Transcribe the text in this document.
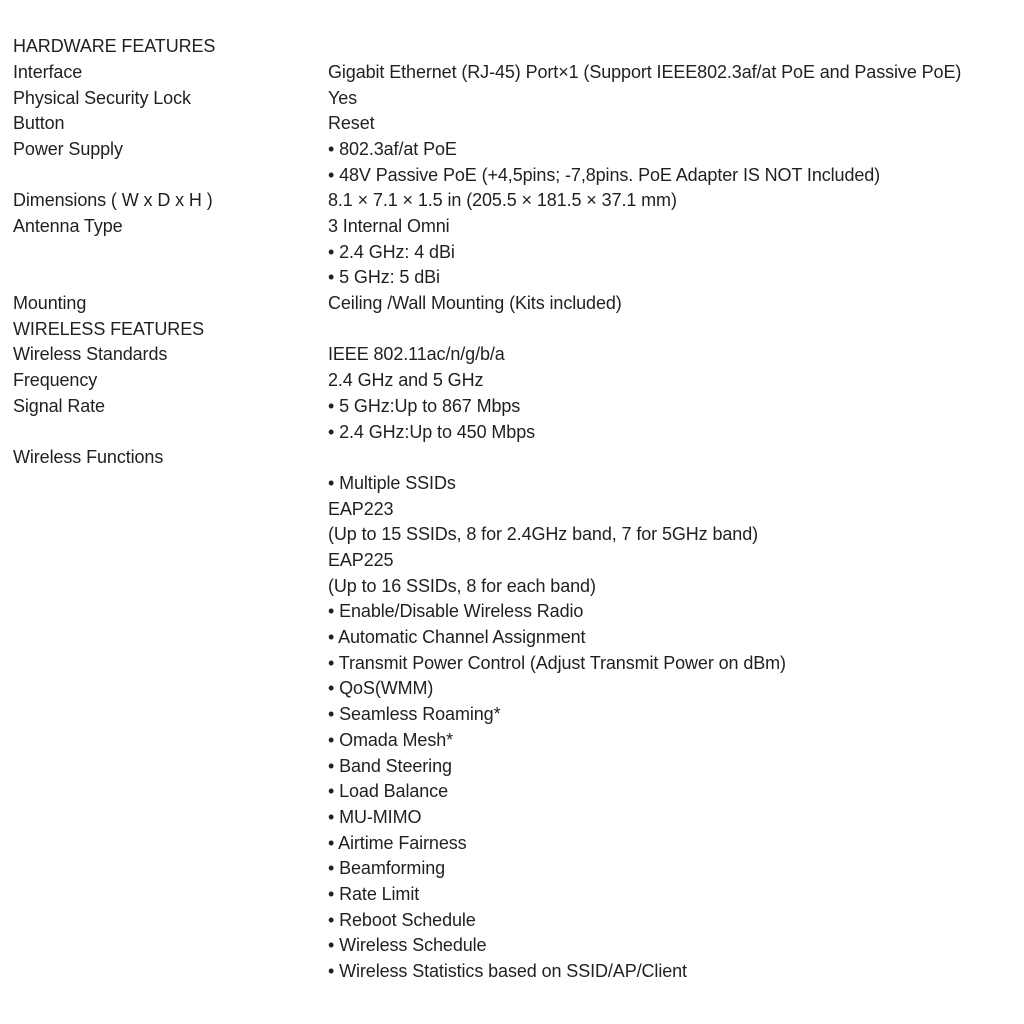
HARDWARE FEATURES
Interface	Gigabit Ethernet (RJ-45) Port×1 (Support IEEE802.3af/at PoE and Passive PoE)
Physical Security Lock	Yes
Button	Reset
Power Supply	• 802.3af/at PoE
• 48V Passive PoE (+4,5pins; -7,8pins. PoE Adapter IS NOT Included)
Dimensions ( W x D x H )	8.1 × 7.1 × 1.5 in (205.5 × 181.5 × 37.1 mm)
Antenna Type	3 Internal Omni
• 2.4 GHz: 4 dBi
• 5 GHz: 5 dBi
Mounting	Ceiling /Wall Mounting (Kits included)
WIRELESS FEATURES
Wireless Standards	IEEE 802.11ac/n/g/b/a
Frequency	2.4 GHz and 5 GHz
Signal Rate	• 5 GHz:Up to 867 Mbps
• 2.4 GHz:Up to 450 Mbps
Wireless Functions
• Multiple SSIDs
EAP223
(Up to 15 SSIDs, 8 for 2.4GHz band, 7 for 5GHz band)
EAP225
(Up to 16 SSIDs, 8 for each band)
• Enable/Disable Wireless Radio
• Automatic Channel Assignment
• Transmit Power Control (Adjust Transmit Power on dBm)
• QoS(WMM)
• Seamless Roaming*
• Omada Mesh*
• Band Steering
• Load Balance
• MU-MIMO
• Airtime Fairness
• Beamforming
• Rate Limit
• Reboot Schedule
• Wireless Schedule
• Wireless Statistics based on SSID/AP/Client
